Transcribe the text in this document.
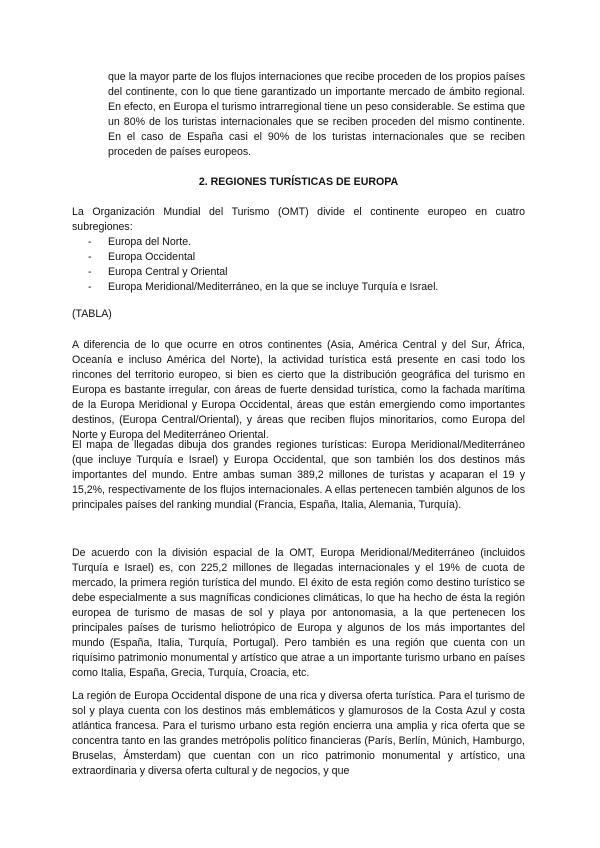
que la mayor parte de los flujos internaciones que recibe proceden de los propios países del continente, con lo que tiene garantizado un importante mercado de ámbito regional. En efecto, en Europa el turismo intrarregional tiene un peso considerable. Se estima que un 80% de los turistas internacionales que se reciben proceden del mismo continente. En el caso de España casi el 90% de los turistas internacionales que se reciben proceden de países europeos.

2. REGIONES TURÍSTICAS DE EUROPA

La Organización Mundial del Turismo (OMT) divide el continente europeo en cuatro subregiones:

- Europa del Norte.
- Europa Occidental
- Europa Central y Oriental
- Europa Meridional/Mediterráneo, en la que se incluye Turquía e Israel.

(TABLA)

A diferencia de lo que ocurre en otros continentes (Asia, América Central y del Sur, África, Oceanía e incluso América del Norte), la actividad turística está presente en casi todo los rincones del territorio europeo, si bien es cierto que la distribución geográfica del turismo en Europa es bastante irregular, con áreas de fuerte densidad turística, como la fachada marítima de la Europa Meridional y Europa Occidental, áreas que están emergiendo como importantes destinos, (Europa Central/Oriental), y áreas que reciben flujos minoritarios, como Europa del Norte y Europa del Mediterráneo Oriental.

El mapa de llegadas dibuja dos grandes regiones turísticas: Europa Meridional/Mediterráneo (que incluye Turquía e Israel) y Europa Occidental, que son también los dos destinos más importantes del mundo. Entre ambas suman 389,2 millones de turistas y acaparan el 19 y 15,2%, respectivamente de los flujos internacionales. A ellas pertenecen también algunos de los principales países del ranking mundial (Francia, España, Italia, Alemania, Turquía).

De acuerdo con la división espacial de la OMT, Europa Meridional/Mediterráneo (incluidos Turquía e Israel) es, con 225,2 millones de llegadas internacionales y el 19% de cuota de mercado, la primera región turística del mundo. El éxito de esta región como destino turístico se debe especialmente a sus magníficas condiciones climáticas, lo que ha hecho de ésta la región europea de turismo de masas de sol y playa por antonomasia, a la que pertenecen los principales países de turismo heliotrópico de Europa y algunos de los más importantes del mundo (España, Italia, Turquía, Portugal). Pero también es una región que cuenta con un riquísimo patrimonio monumental y artístico que atrae a un importante turismo urbano en países como Italia, España, Grecia, Turquía, Croacia, etc.

La región de Europa Occidental dispone de una rica y diversa oferta turística. Para el turismo de sol y playa cuenta con los destinos más emblemáticos y glamurosos de la Costa Azul y costa atlántica francesa. Para el turismo urbano esta región encierra una amplia y rica oferta que se concentra tanto en las grandes metrópolis político financieras (París, Berlín, Múnich, Hamburgo, Bruselas, Ámsterdam) que cuentan con un rico patrimonio monumental y artístico, una extraordinaria y diversa oferta cultural y de negocios, y que
